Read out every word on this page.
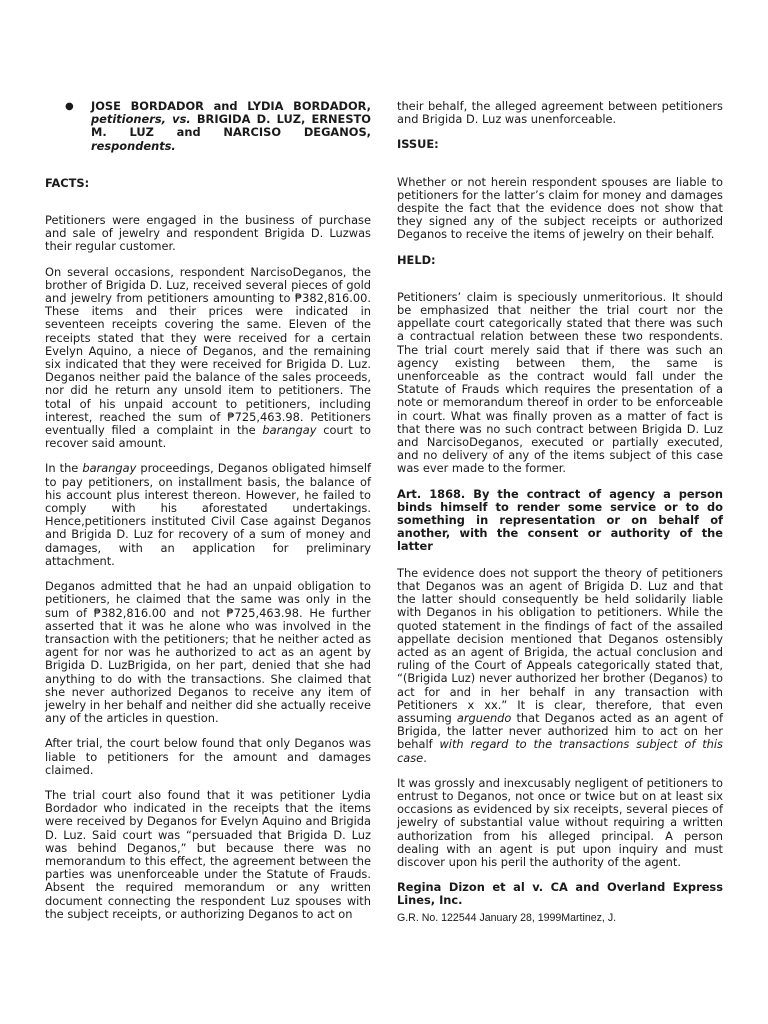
●	JOSE BORDADOR and LYDIA BORDADOR, petitioners, vs. BRIGIDA D. LUZ, ERNESTO M. LUZ and NARCISO DEGANOS, respondents.
FACTS:

Petitioners were engaged in the business of purchase and sale of jewelry and respondent Brigida D. Luzwas their regular customer.

On several occasions, respondent NarcisoDeganos, the brother of Brigida D. Luz, received several pieces of gold and jewelry from petitioners amounting to ₱382,816.00. These items and their prices were indicated in seventeen receipts covering the same. Eleven of the receipts stated that they were received for a certain Evelyn Aquino, a niece of Deganos, and the remaining six indicated that they were received for Brigida D. Luz. Deganos neither paid the balance of the sales proceeds, nor did he return any unsold item to petitioners. The total of his unpaid account to petitioners, including interest, reached the sum of ₱725,463.98. Petitioners eventually filed a complaint in the barangay court to recover said amount.

In the barangay proceedings, Deganos obligated himself to pay petitioners, on installment basis, the balance of his account plus interest thereon. However, he failed to comply with his aforestated undertakings. Hence,petitioners instituted Civil Case against Deganos and Brigida D. Luz for recovery of a sum of money and damages, with an application for preliminary attachment.

Deganos admitted that he had an unpaid obligation to petitioners, he claimed that the same was only in the sum of ₱382,816.00 and not ₱725,463.98. He further asserted that it was he alone who was involved in the transaction with the petitioners; that he neither acted as agent for nor was he authorized to act as an agent by Brigida D. LuzBrigida, on her part, denied that she had anything to do with the transactions. She claimed that she never authorized Deganos to receive any item of jewelry in her behalf and neither did she actually receive any of the articles in question.

After trial, the court below found that only Deganos was liable to petitioners for the amount and damages claimed.

The trial court also found that it was petitioner Lydia Bordador who indicated in the receipts that the items were received by Deganos for Evelyn Aquino and Brigida D. Luz. Said court was “persuaded that Brigida D. Luz was behind Deganos,” but because there was no memorandum to this effect, the agreement between the parties was unenforceable under the Statute of Frauds. Absent the required memorandum or any written document connecting the respondent Luz spouses with the subject receipts, or authorizing Deganos to act on

their behalf, the alleged agreement between petitioners and Brigida D. Luz was unenforceable.

ISSUE:

Whether or not herein respondent spouses are liable to petitioners for the latter’s claim for money and damages despite the fact that the evidence does not show that they signed any of the subject receipts or authorized Deganos to receive the items of jewelry on their behalf.

HELD:

Petitioners’ claim is speciously unmeritorious. It should be emphasized that neither the trial court nor the appellate court categorically stated that there was such a contractual relation between these two respondents. The trial court merely said that if there was such an agency existing between them, the same is unenforceable as the contract would fall under the Statute of Frauds which requires the presentation of a note or memorandum thereof in order to be enforceable in court. What was finally proven as a matter of fact is that there was no such contract between Brigida D. Luz and NarcisoDeganos, executed or partially executed, and no delivery of any of the items subject of this case was ever made to the former.

Art. 1868. By the contract of agency a person binds himself to render some service or to do something in representation or on behalf of another, with the consent or authority of the latter

The evidence does not support the theory of petitioners that Deganos was an agent of Brigida D. Luz and that the latter should consequently be held solidarily liable with Deganos in his obligation to petitioners. While the quoted statement in the findings of fact of the assailed appellate decision mentioned that Deganos ostensibly acted as an agent of Brigida, the actual conclusion and ruling of the Court of Appeals categorically stated that, “(Brigida Luz) never authorized her brother (Deganos) to act for and in her behalf in any transaction with Petitioners x xx.” It is clear, therefore, that even assuming arguendo that Deganos acted as an agent of Brigida, the latter never authorized him to act on her behalf with regard to the transactions subject of this case.

It was grossly and inexcusably negligent of petitioners to entrust to Deganos, not once or twice but on at least six occasions as evidenced by six receipts, several pieces of jewelry of substantial value without requiring a written authorization from his alleged principal. A person dealing with an agent is put upon inquiry and must discover upon his peril the authority of the agent.

Regina Dizon et al v. CA and Overland Express Lines, Inc.
G.R. No. 122544 January 28, 1999Martinez, J.
